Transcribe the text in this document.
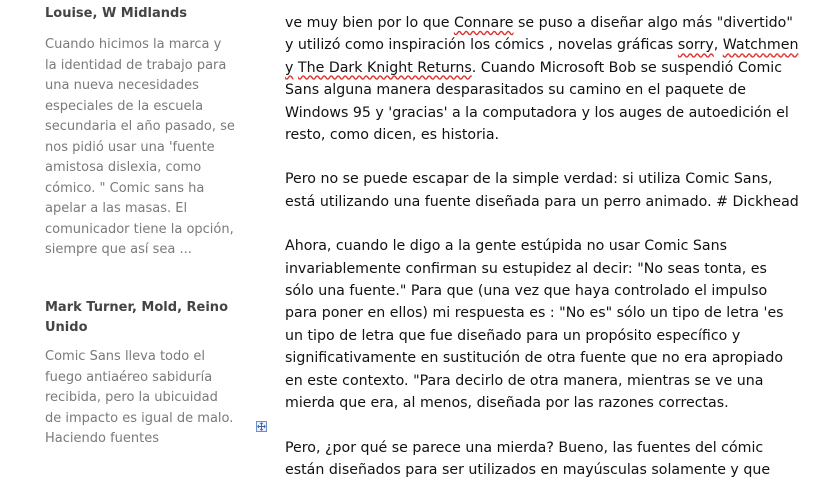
Louise, W Midlands
Cuando hicimos la marca y la identidad de trabajo para una nueva necesidades especiales de la escuela secundaria el año pasado, se nos pidió usar una 'fuente amistosa dislexia, como cómico. " Comic sans ha apelar a las masas. El comunicador tiene la opción, siempre que así sea ...
Mark Turner, Mold, Reino Unido
Comic Sans lleva todo el fuego antiaéreo sabiduría recibida, pero la ubicuidad de impacto es igual de malo. Haciendo fuentes

ve muy bien por lo que Connare se puso a diseñar algo más "divertido" y utilizó como inspiración los cómics , novelas gráficas sorry, Watchmen y The Dark Knight Returns. Cuando Microsoft Bob se suspendió Comic Sans alguna manera desparasitados su camino en el paquete de Windows 95 y 'gracias' a la computadora y los auges de autoedición el resto, como dicen, es historia.

Pero no se puede escapar de la simple verdad: si utiliza Comic Sans, está utilizando una fuente diseñada para un perro animado. # Dickhead

Ahora, cuando le digo a la gente estúpida no usar Comic Sans invariablemente confirman su estupidez al decir: "No seas tonta, es sólo una fuente." Para que (una vez que haya controlado el impulso para poner en ellos) mi respuesta es : "No es" sólo un tipo de letra 'es un tipo de letra que fue diseñado para un propósito específico y significativamente en sustitución de otra fuente que no era apropiado en este contexto. "Para decirlo de otra manera, mientras se ve una mierda que era, al menos, diseñada por las razones correctas.

Pero, ¿por qué se parece una mierda? Bueno, las fuentes del cómic están diseñados para ser utilizados en mayúsculas solamente y que
